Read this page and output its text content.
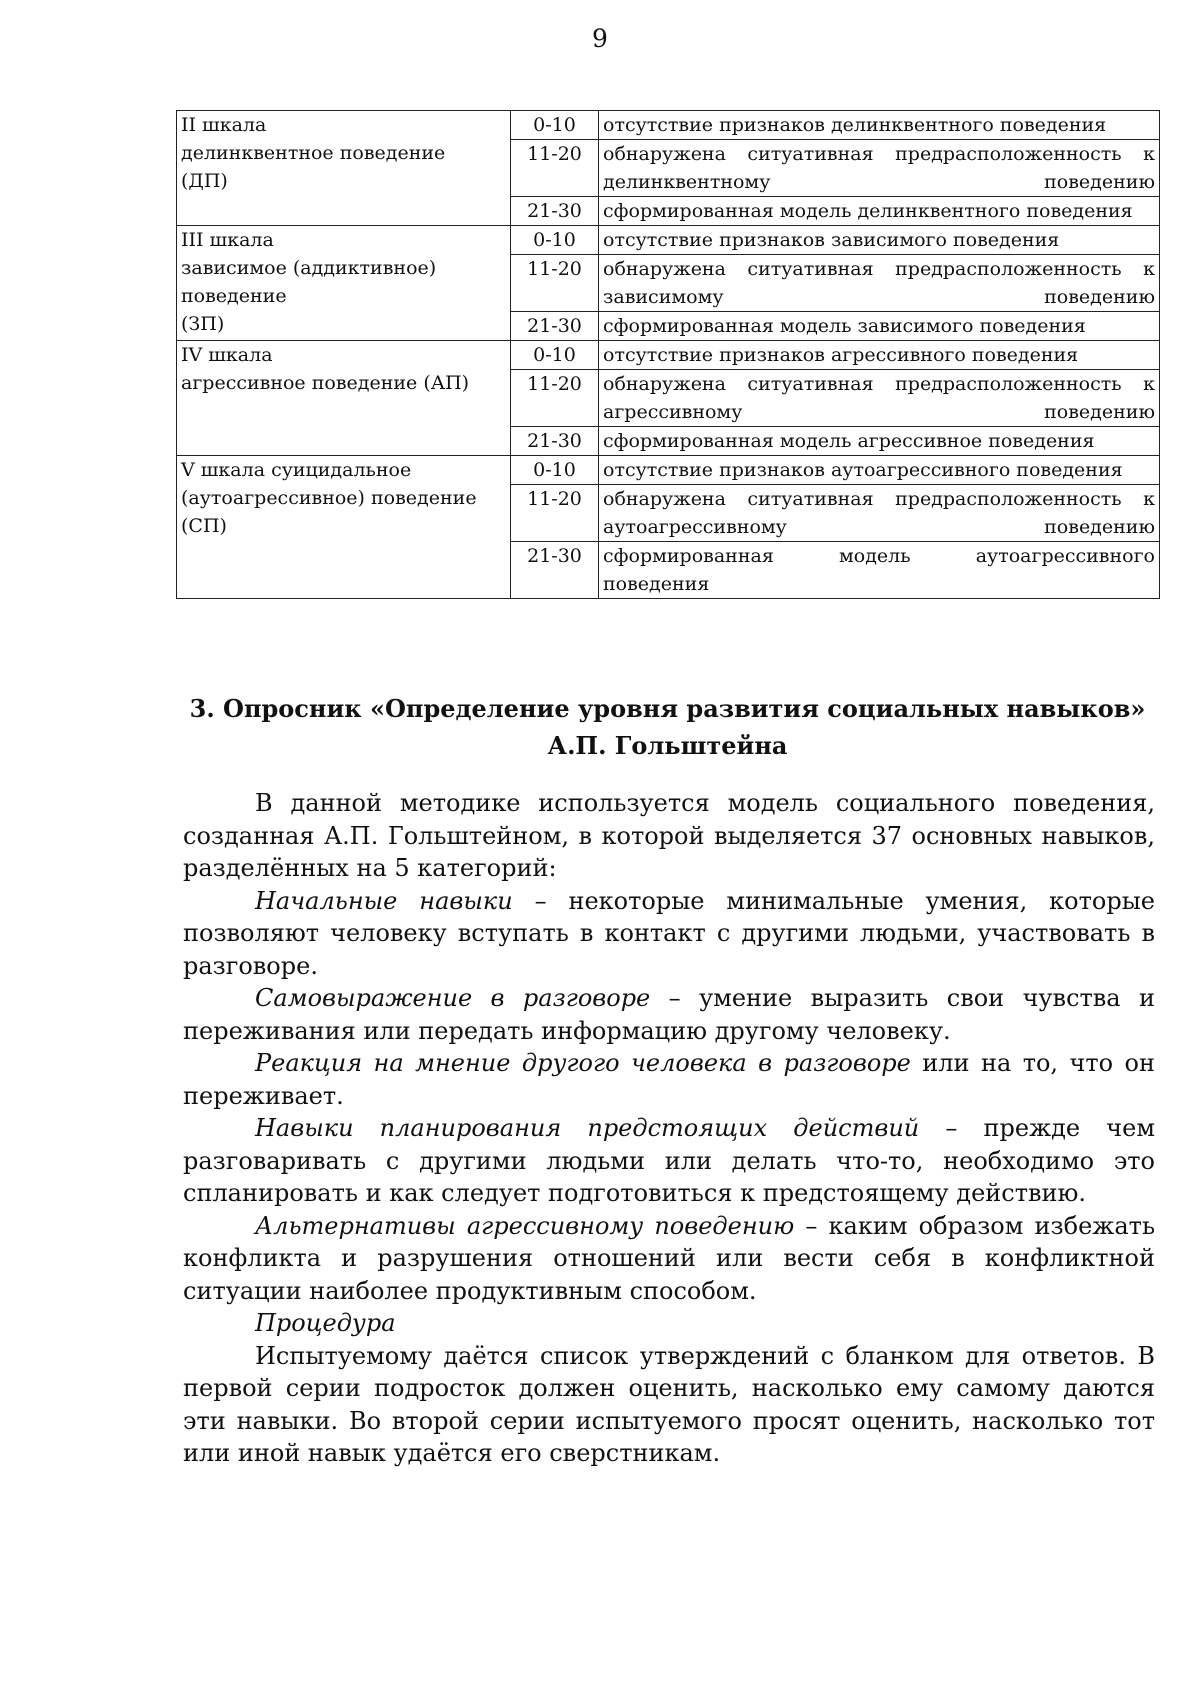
9
II шкала
делинквентное поведение
(ДП)	0-10	отсутствие признаков делинквентного поведения
	11-20	обнаружена ситуативная предрасположенность к
делинквентному поведению

	21-30	сформированная модель делинквентного поведения

III шкала
зависимое (аддиктивное)
поведение
(ЗП)	0-10	отсутствие признаков зависимого поведения
	11-20	обнаружена ситуативная предрасположенность к
зависимому поведению

	21-30	сформированная модель зависимого поведения

IV шкала
агрессивное поведение (АП)	0-10	отсутствие признаков агрессивного поведения
	11-20	обнаружена ситуативная предрасположенность к
агрессивному поведению

	21-30	сформированная модель агрессивное поведения

V шкала суицидальное
(аутоагрессивное) поведение
(СП)	0-10	отсутствие признаков аутоагрессивного поведения
	11-20	обнаружена ситуативная предрасположенность к
аутоагрессивному поведению

	21-30	сформированная модель аутоагрессивного
поведения
3. Опросник «Определение уровня развития социальных навыков»
А.П. Гольштейна

В данной методике используется модель социального поведения, созданная А.П. Гольштейном, в которой выделяется 37 основных навыков, разделённых на 5 категорий:

Начальные навыки – некоторые минимальные умения, которые позволяют человеку вступать в контакт с другими людьми, участвовать в разговоре.

Самовыражение в разговоре – умение выразить свои чувства и переживания или передать информацию другому человеку.

Реакция на мнение другого человека в разговоре или на то, что он переживает.

Навыки планирования предстоящих действий – прежде чем разговаривать с другими людьми или делать что-то, необходимо это спланировать и как следует подготовиться к предстоящему действию.

Альтернативы агрессивному поведению – каким образом избежать конфликта и разрушения отношений или вести себя в конфликтной ситуации наиболее продуктивным способом.

Процедура

Испытуемому даётся список утверждений с бланком для ответов. В первой серии подросток должен оценить, насколько ему самому даются эти навыки. Во второй серии испытуемого просят оценить, насколько тот или иной навык удаётся его сверстникам.
